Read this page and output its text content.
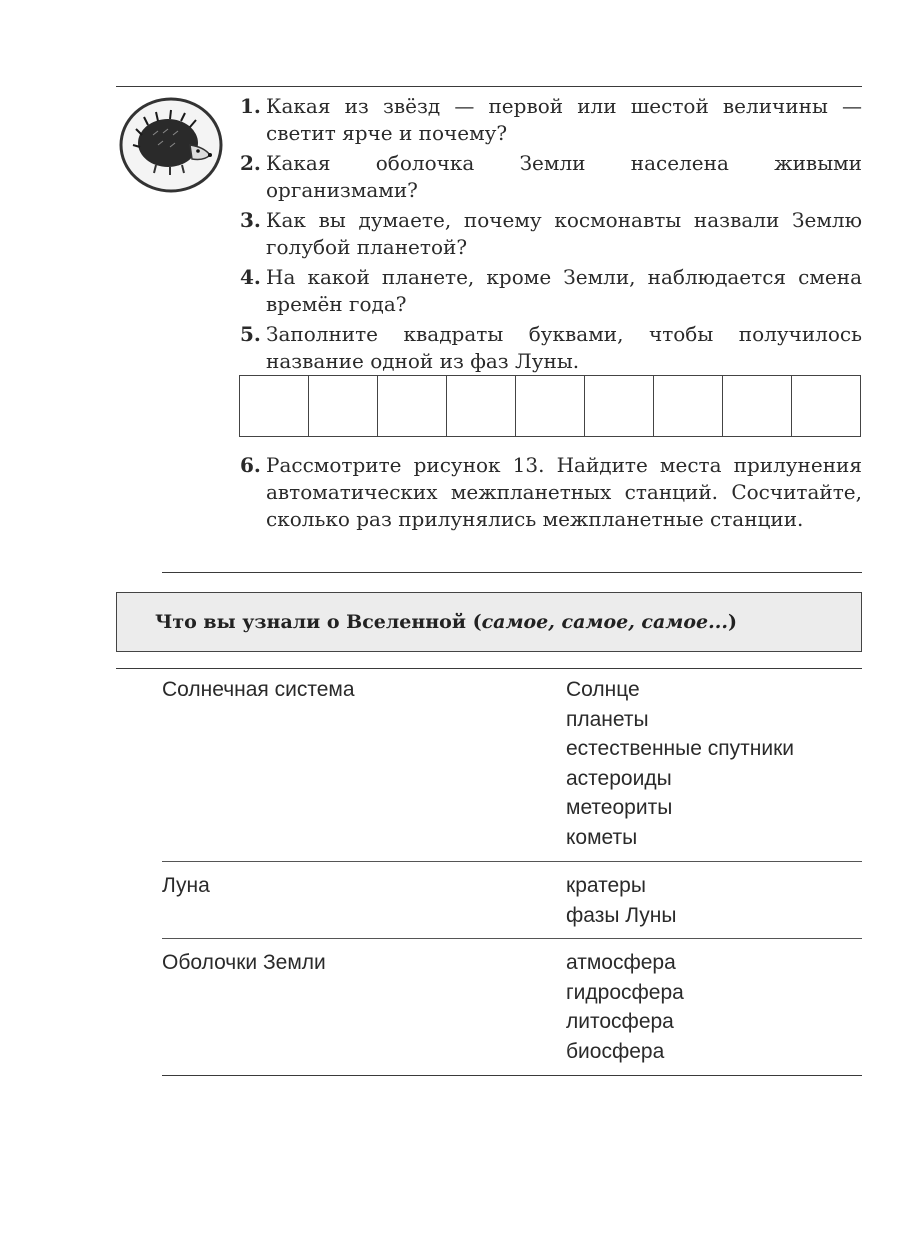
1. Какая из звёзд — первой или шестой величины — светит ярче и почему?
2. Какая оболочка Земли населена живыми организмами?
3. Как вы думаете, почему космонавты назвали Землю голубой планетой?
4. На какой планете, кроме Земли, наблюдается смена времён года?
5. Заполните квадраты буквами, чтобы получилось название одной из фаз Луны.
6. Рассмотрите рисунок 13. Найдите места прилунения автоматических межпланетных станций. Сосчитайте, сколько раз прилунялись межпланетные станции.
Что вы узнали о Вселенной (самое, самое, самое...)
Солнечная система	Солнце
планеты
естественные спутники
астероиды
метеориты
кометы
Луна	кратеры
фазы Луны
Оболочки Земли	атмосфера
гидросфера
литосфера
биосфера
